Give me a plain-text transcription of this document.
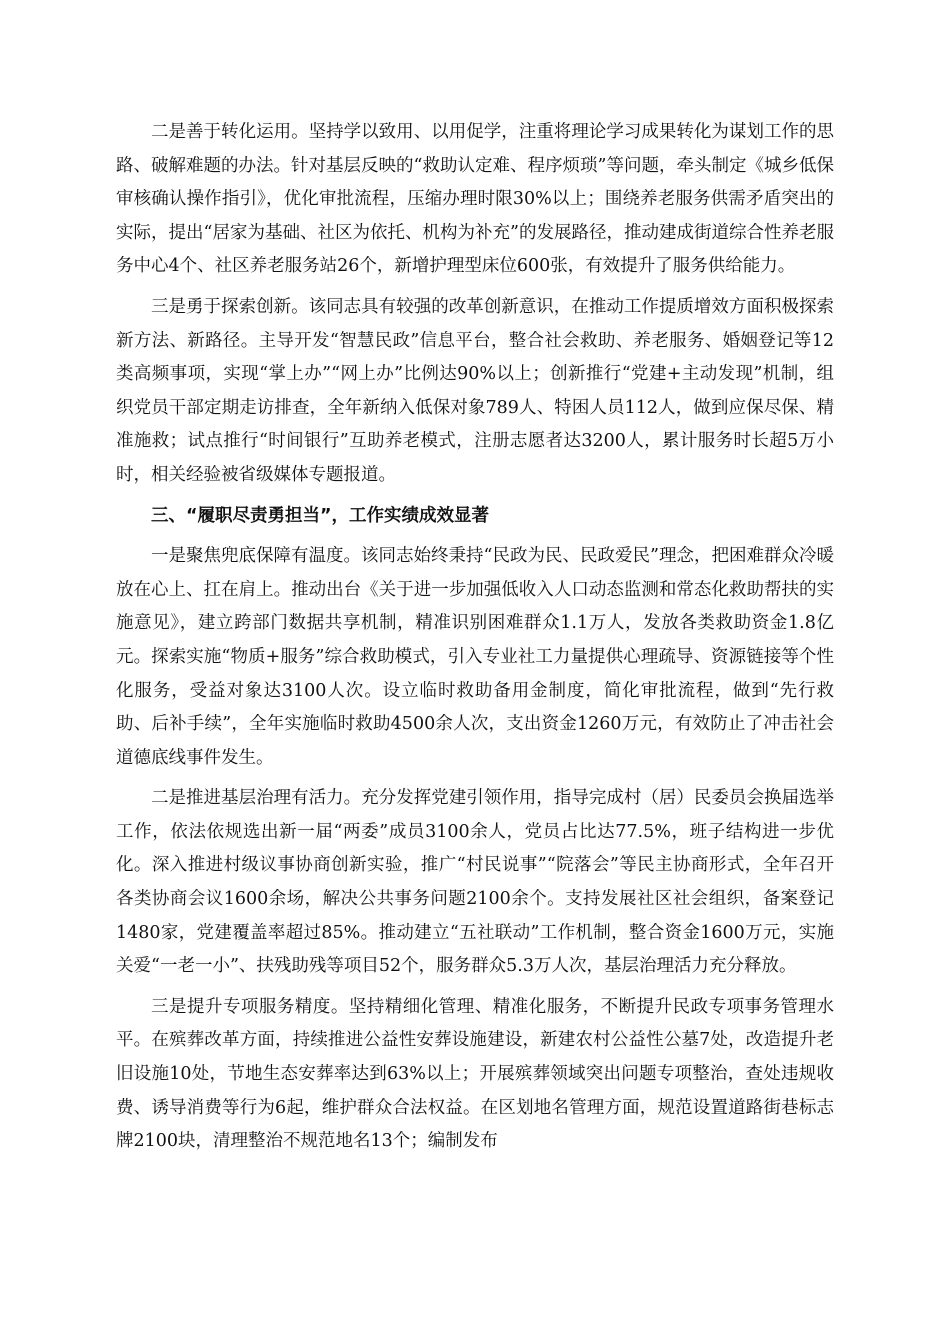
二是善于转化运用。坚持学以致用、以用促学，注重将理论学习成果转化为谋划工作的思路、破解难题的办法。针对基层反映的“救助认定难、程序烦琐”等问题，牵头制定《城乡低保审核确认操作指引》，优化审批流程，压缩办理时限30%以上；围绕养老服务供需矛盾突出的实际，提出“居家为基础、社区为依托、机构为补充”的发展路径，推动建成街道综合性养老服务中心4个、社区养老服务站26个，新增护理型床位600张，有效提升了服务供给能力。

三是勇于探索创新。该同志具有较强的改革创新意识，在推动工作提质增效方面积极探索新方法、新路径。主导开发“智慧民政”信息平台，整合社会救助、养老服务、婚姻登记等12类高频事项，实现“掌上办”“网上办”比例达90%以上；创新推行“党建+主动发现”机制，组织党员干部定期走访排查，全年新纳入低保对象789人、特困人员112人，做到应保尽保、精准施救；试点推行“时间银行”互助养老模式，注册志愿者达3200人，累计服务时长超5万小时，相关经验被省级媒体专题报道。

三、“履职尽责勇担当”，工作实绩成效显著

一是聚焦兜底保障有温度。该同志始终秉持“民政为民、民政爱民”理念，把困难群众冷暖放在心上、扛在肩上。推动出台《关于进一步加强低收入人口动态监测和常态化救助帮扶的实施意见》，建立跨部门数据共享机制，精准识别困难群众1.1万人，发放各类救助资金1.8亿元。探索实施“物质+服务”综合救助模式，引入专业社工力量提供心理疏导、资源链接等个性化服务，受益对象达3100人次。设立临时救助备用金制度，简化审批流程，做到“先行救助、后补手续”，全年实施临时救助4500余人次，支出资金1260万元，有效防止了冲击社会道德底线事件发生。

二是推进基层治理有活力。充分发挥党建引领作用，指导完成村（居）民委员会换届选举工作，依法依规选出新一届“两委”成员3100余人，党员占比达77.5%，班子结构进一步优化。深入推进村级议事协商创新实验，推广“村民说事”“院落会”等民主协商形式，全年召开各类协商会议1600余场，解决公共事务问题2100余个。支持发展社区社会组织，备案登记1480家，党建覆盖率超过85%。推动建立“五社联动”工作机制，整合资金1600万元，实施关爱“一老一小”、扶残助残等项目52个，服务群众5.3万人次，基层治理活力充分释放。

三是提升专项服务精度。坚持精细化管理、精准化服务，不断提升民政专项事务管理水平。在殡葬改革方面，持续推进公益性安葬设施建设，新建农村公益性公墓7处，改造提升老旧设施10处，节地生态安葬率达到63%以上；开展殡葬领域突出问题专项整治，查处违规收费、诱导消费等行为6起，维护群众合法权益。在区划地名管理方面，规范设置道路街巷标志牌2100块，清理整治不规范地名13个；编制发布
